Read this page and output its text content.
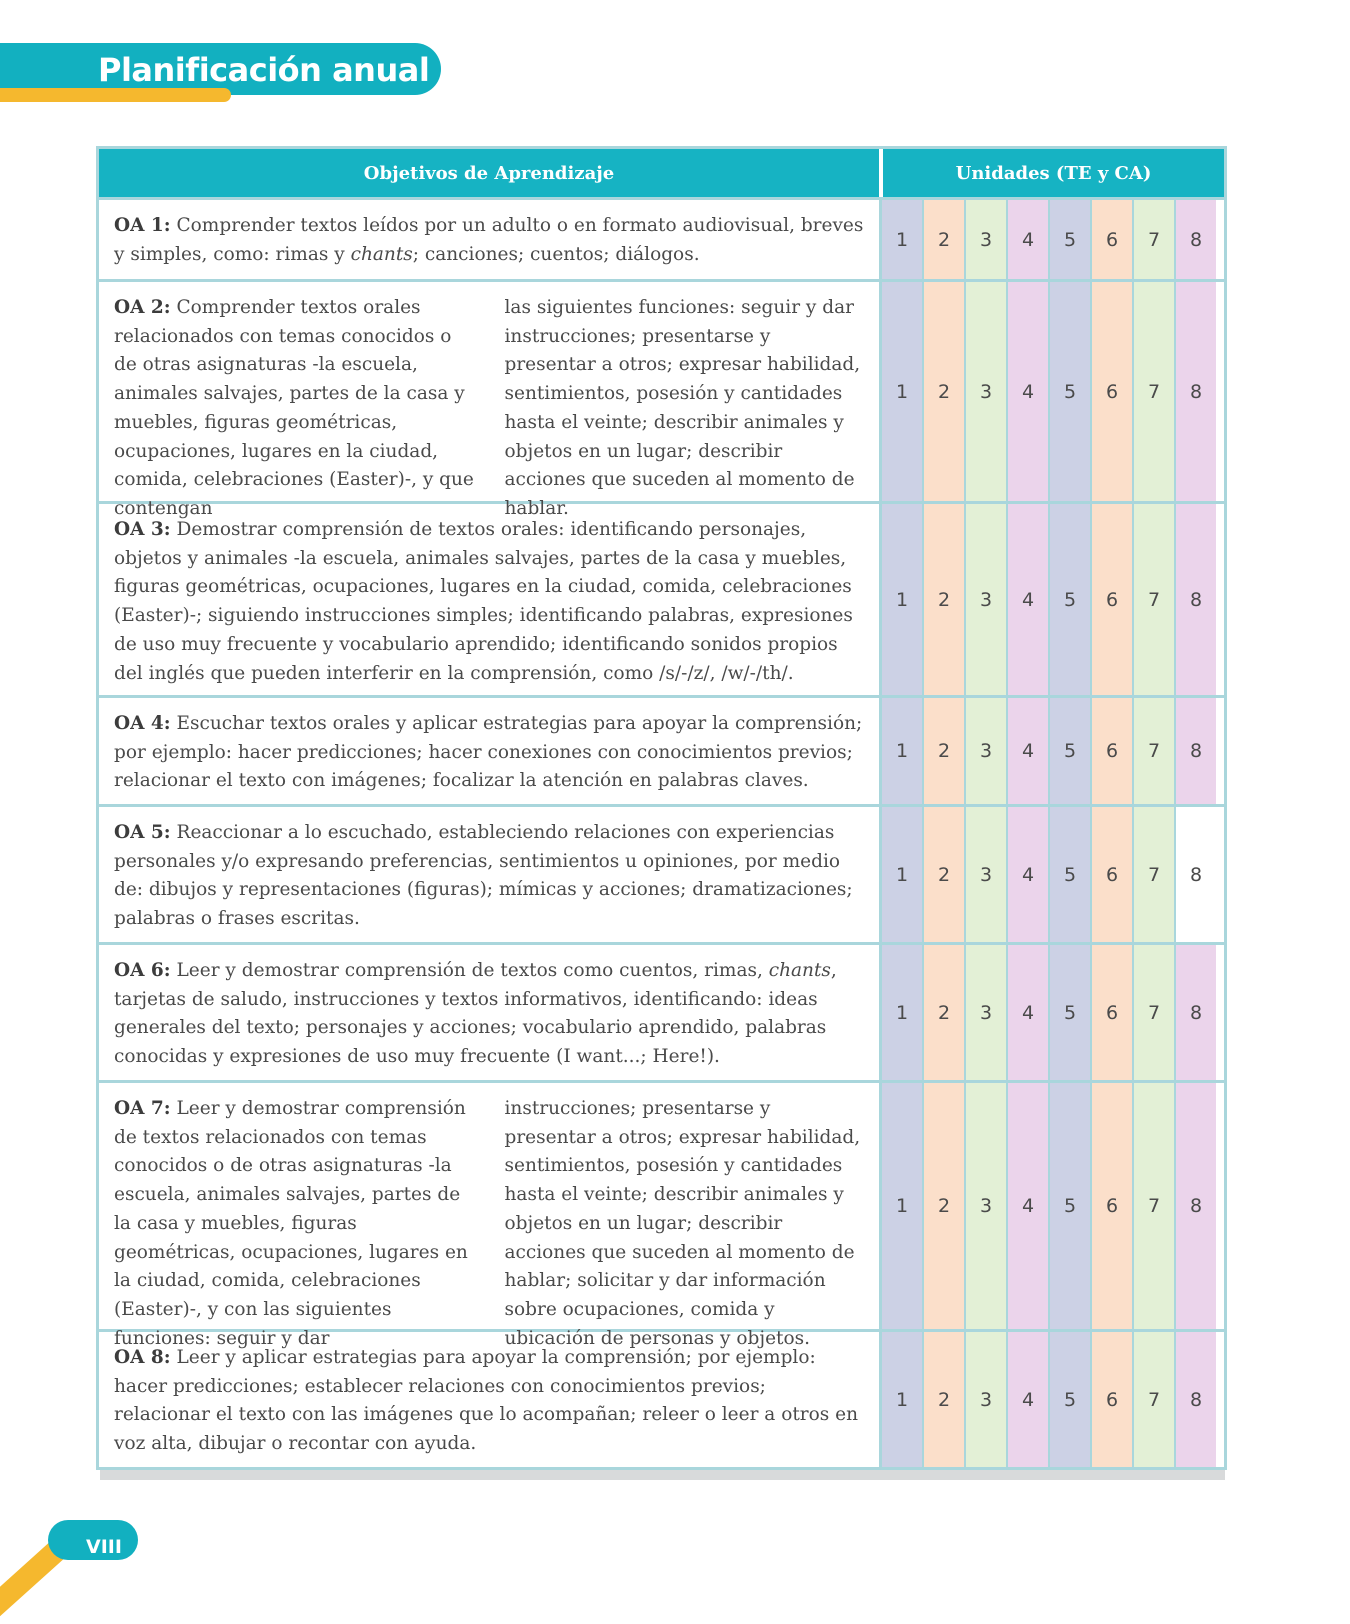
Planificación anual
Objetivos de Aprendizaje	Unidades (TE y CA)
OA 1: Comprender textos leídos por un adulto o en formato audiovisual, breves y simples, como: rimas y chants; canciones; cuentos; diálogos.
1	2	3	4	5	6	7	8
OA 2: Comprender textos orales relacionados con temas conocidos o de otras asignaturas -la escuela, animales salvajes, partes de la casa y muebles, figuras geométricas, ocupaciones, lugares en la ciudad, comida, celebraciones (Easter)-, y que contengan
las siguientes funciones: seguir y dar instrucciones; presentarse y presentar a otros; expresar habilidad, sentimientos, posesión y cantidades hasta el veinte; describir animales y objetos en un lugar; describir acciones que suceden al momento de hablar.
1	2	3	4	5	6	7	8
OA 3: Demostrar comprensión de textos orales: identificando personajes, objetos y animales -la escuela, animales salvajes, partes de la casa y muebles, figuras geométricas, ocupaciones, lugares en la ciudad, comida, celebraciones (Easter)-; siguiendo instrucciones simples; identificando palabras, expresiones de uso muy frecuente y vocabulario aprendido; identificando sonidos propios del inglés que pueden interferir en la comprensión, como /s/-/z/, /w/-/th/.
1	2	3	4	5	6	7	8
OA 4: Escuchar textos orales y aplicar estrategias para apoyar la comprensión; por ejemplo: hacer predicciones; hacer conexiones con conocimientos previos; relacionar el texto con imágenes; focalizar la atención en palabras claves.
1	2	3	4	5	6	7	8
OA 5: Reaccionar a lo escuchado, estableciendo relaciones con experiencias personales y/o expresando preferencias, sentimientos u opiniones, por medio de: dibujos y representaciones (figuras); mímicas y acciones; dramatizaciones; palabras o frases escritas.
1	2	3	4	5	6	7	8
OA 6: Leer y demostrar comprensión de textos como cuentos, rimas, chants, tarjetas de saludo, instrucciones y textos informativos, identificando: ideas generales del texto; personajes y acciones; vocabulario aprendido, palabras conocidas y expresiones de uso muy frecuente (I want...; Here!).
1	2	3	4	5	6	7	8
OA 7: Leer y demostrar comprensión de textos relacionados con temas conocidos o de otras asignaturas -la escuela, animales salvajes, partes de la casa y muebles, figuras geométricas, ocupaciones, lugares en la ciudad, comida, celebraciones (Easter)-, y con las siguientes funciones: seguir y dar
instrucciones; presentarse y presentar a otros; expresar habilidad, sentimientos, posesión y cantidades hasta el veinte; describir animales y objetos en un lugar; describir acciones que suceden al momento de hablar; solicitar y dar información sobre ocupaciones, comida y ubicación de personas y objetos.
1	2	3	4	5	6	7	8
OA 8: Leer y aplicar estrategias para apoyar la comprensión; por ejemplo: hacer predicciones; establecer relaciones con conocimientos previos; relacionar el texto con las imágenes que lo acompañan; releer o leer a otros en voz alta, dibujar o recontar con ayuda.
1	2	3	4	5	6	7	8
VIII
